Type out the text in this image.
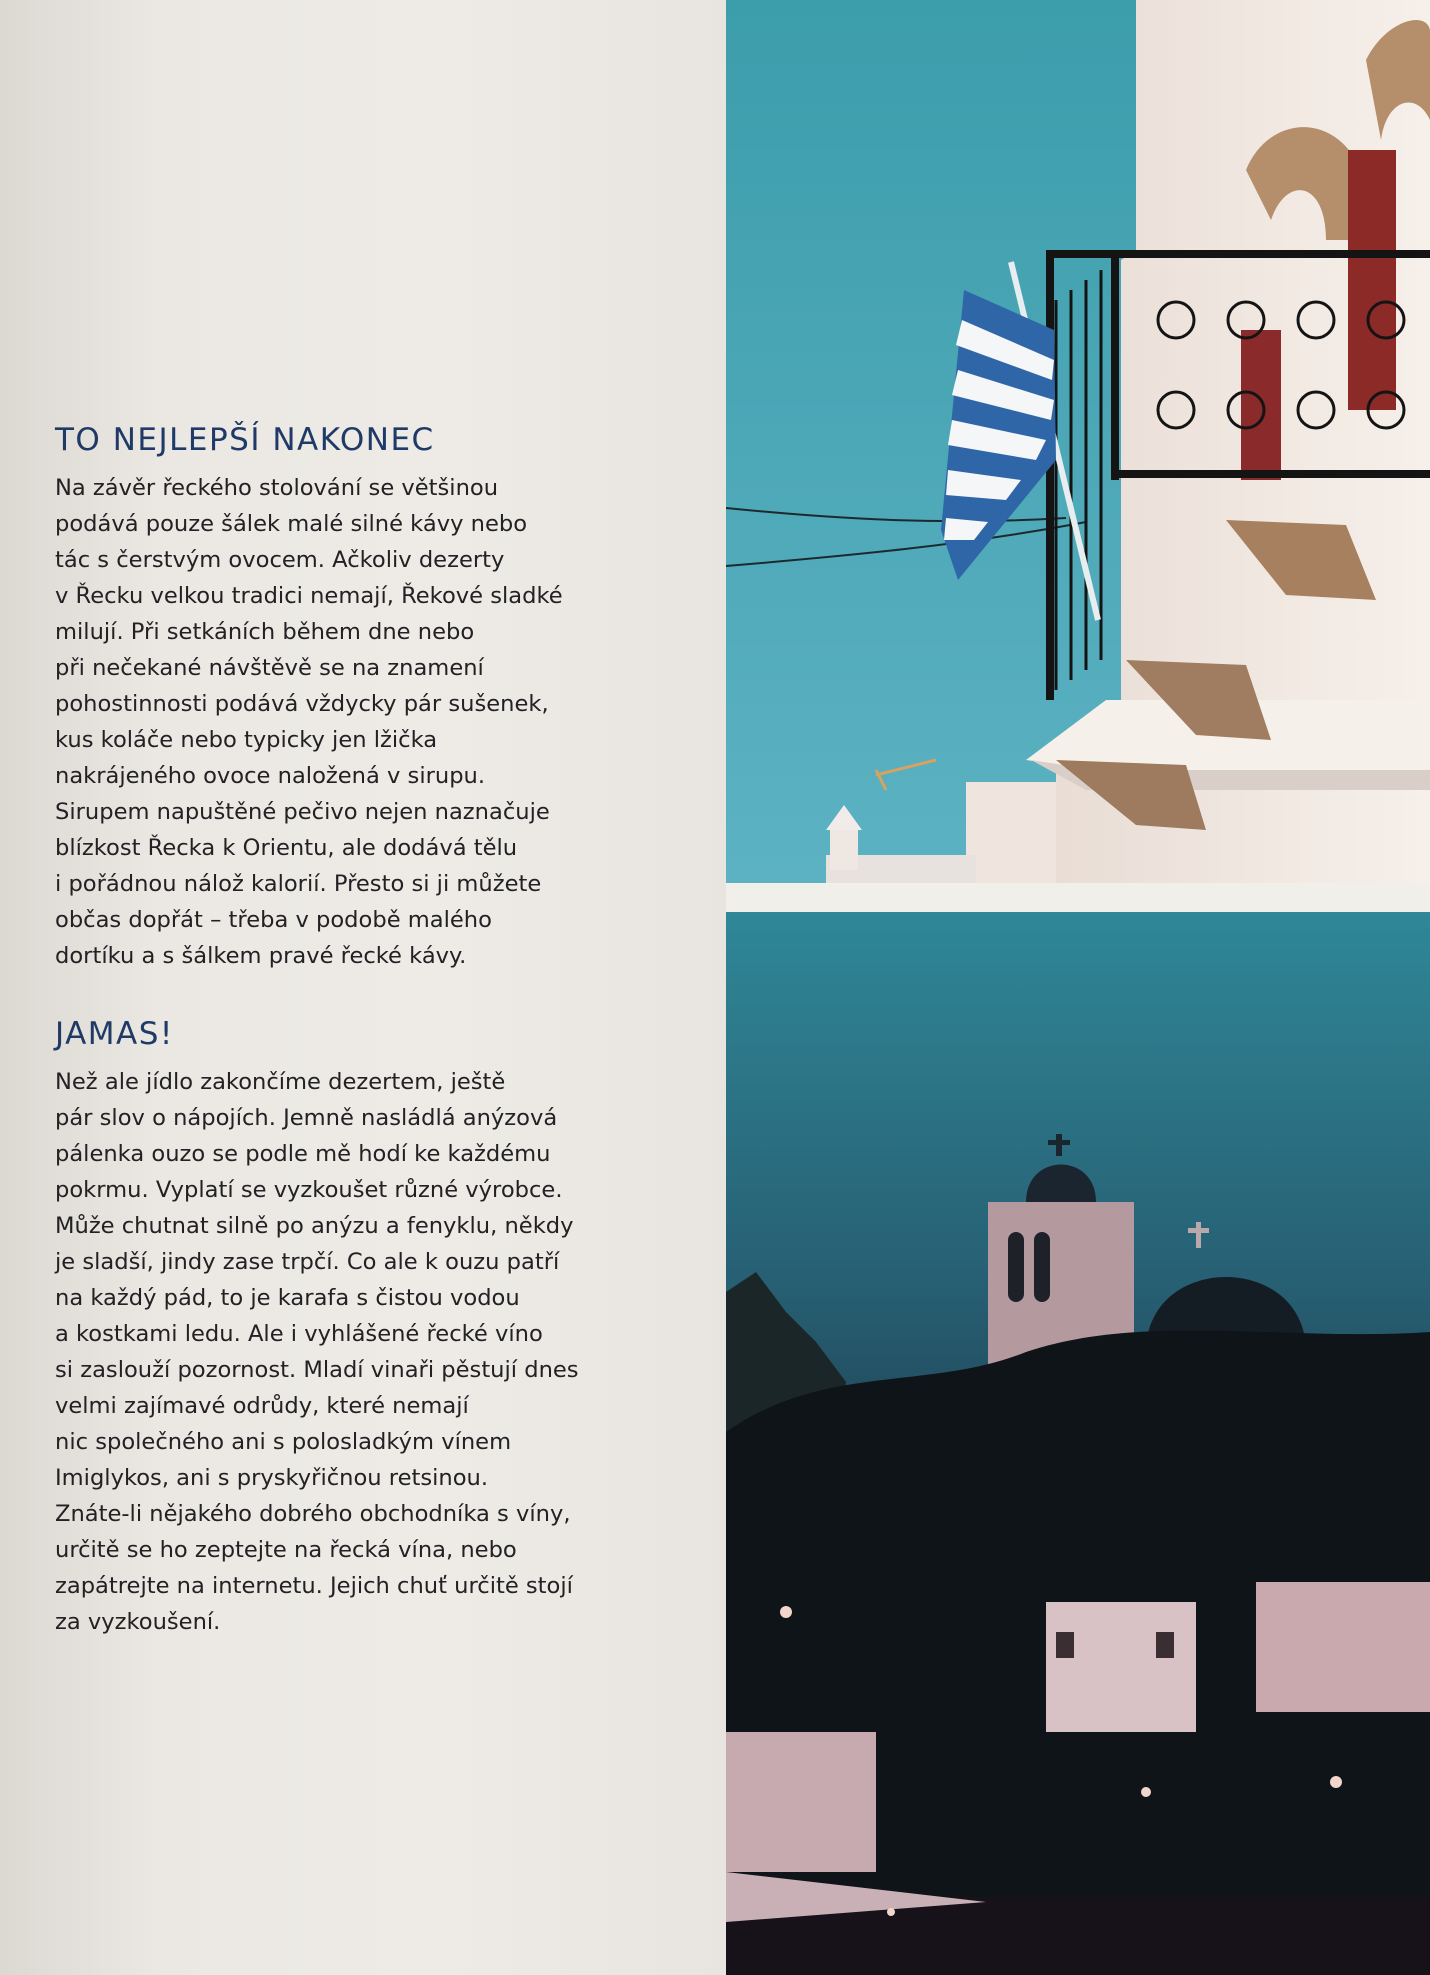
TO NEJLEPŠÍ NAKONEC

Na závěr řeckého stolování se většinou
podává pouze šálek malé silné kávy nebo
tác s čerstvým ovocem. Ačkoliv dezerty
v Řecku velkou tradici nemají, Řekové sladké
milují. Při setkáních během dne nebo
při nečekané návštěvě se na znamení
pohostinnosti podává vždycky pár sušenek,
kus koláče nebo typicky jen lžička
nakrájeného ovoce naložená v sirupu.
Sirupem napuštěné pečivo nejen naznačuje
blízkost Řecka k Orientu, ale dodává tělu
i pořádnou nálož kalorií. Přesto si ji můžete
občas dopřát – třeba v podobě malého
dortíku a s šálkem pravé řecké kávy.

JAMAS!

Než ale jídlo zakončíme dezertem, ještě
pár slov o nápojích. Jemně nasládlá anýzová
pálenka ouzo se podle mě hodí ke každému
pokrmu. Vyplatí se vyzkoušet různé výrobce.
Může chutnat silně po anýzu a fenyklu, někdy
je sladší, jindy zase trpčí. Co ale k ouzu patří
na každý pád, to je karafa s čistou vodou
a kostkami ledu. Ale i vyhlášené řecké víno
si zaslouží pozornost. Mladí vinaři pěstují dnes
velmi zajímavé odrůdy, které nemají
nic společného ani s polosladkým vínem
Imiglykos, ani s pryskyřičnou retsinou.
Znáte-li nějakého dobrého obchodníka s víny,
určitě se ho zeptejte na řecká vína, nebo
zapátrejte na internetu. Jejich chuť určitě stojí
za vyzkoušení.
